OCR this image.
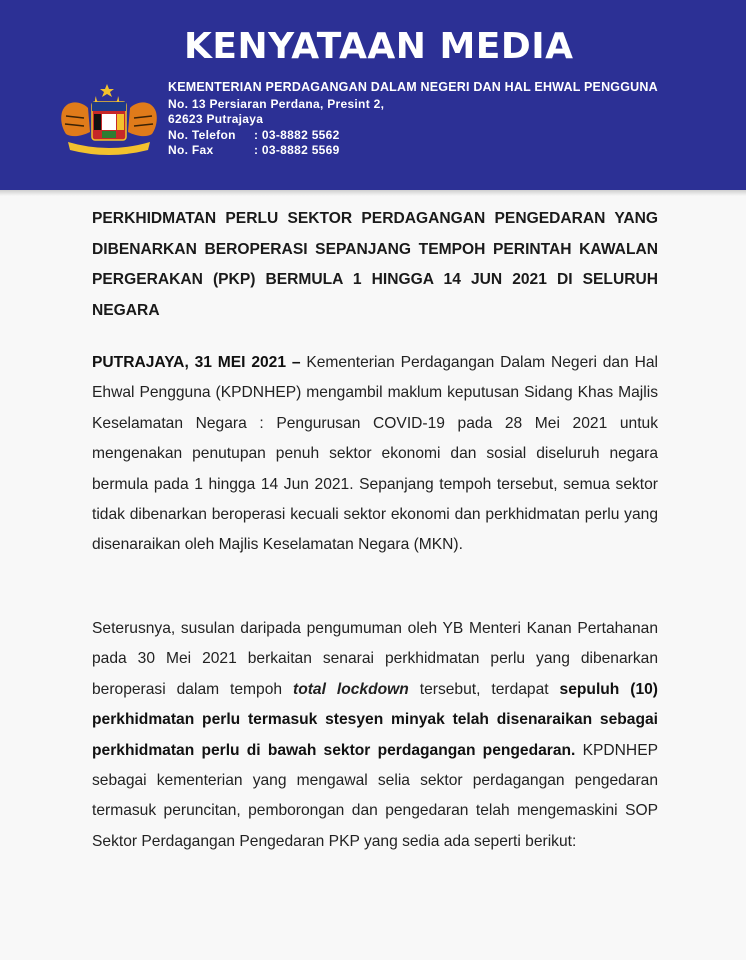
KENYATAAN MEDIA
KEMENTERIAN PERDAGANGAN DALAM NEGERI DAN HAL EHWAL PENGGUNA
No. 13 Persiaran Perdana, Presint 2,
62623 Putrajaya
No. Telefon : 03-8882 5562
No. Fax	: 03-8882 5569
PERKHIDMATAN PERLU SEKTOR PERDAGANGAN PENGEDARAN YANG DIBENARKAN BEROPERASI SEPANJANG TEMPOH PERINTAH KAWALAN PERGERAKAN (PKP) BERMULA 1 HINGGA 14 JUN 2021 DI SELURUH NEGARA

PUTRAJAYA, 31 MEI 2021 – Kementerian Perdagangan Dalam Negeri dan Hal Ehwal Pengguna (KPDNHEP) mengambil maklum keputusan Sidang Khas Majlis Keselamatan Negara : Pengurusan COVID-19 pada 28 Mei 2021 untuk mengenakan penutupan penuh sektor ekonomi dan sosial diseluruh negara bermula pada 1 hingga 14 Jun 2021. Sepanjang tempoh tersebut, semua sektor tidak dibenarkan beroperasi kecuali sektor ekonomi dan perkhidmatan perlu yang disenaraikan oleh Majlis Keselamatan Negara (MKN).

Seterusnya, susulan daripada pengumuman oleh YB Menteri Kanan Pertahanan pada 30 Mei 2021 berkaitan senarai perkhidmatan perlu yang dibenarkan beroperasi dalam tempoh total lockdown tersebut, terdapat sepuluh (10) perkhidmatan perlu termasuk stesyen minyak telah disenaraikan sebagai perkhidmatan perlu di bawah sektor perdagangan pengedaran. KPDNHEP sebagai kementerian yang mengawal selia sektor perdagangan pengedaran termasuk peruncitan, pemborongan dan pengedaran telah mengemaskini SOP Sektor Perdagangan Pengedaran PKP yang sedia ada seperti berikut:
